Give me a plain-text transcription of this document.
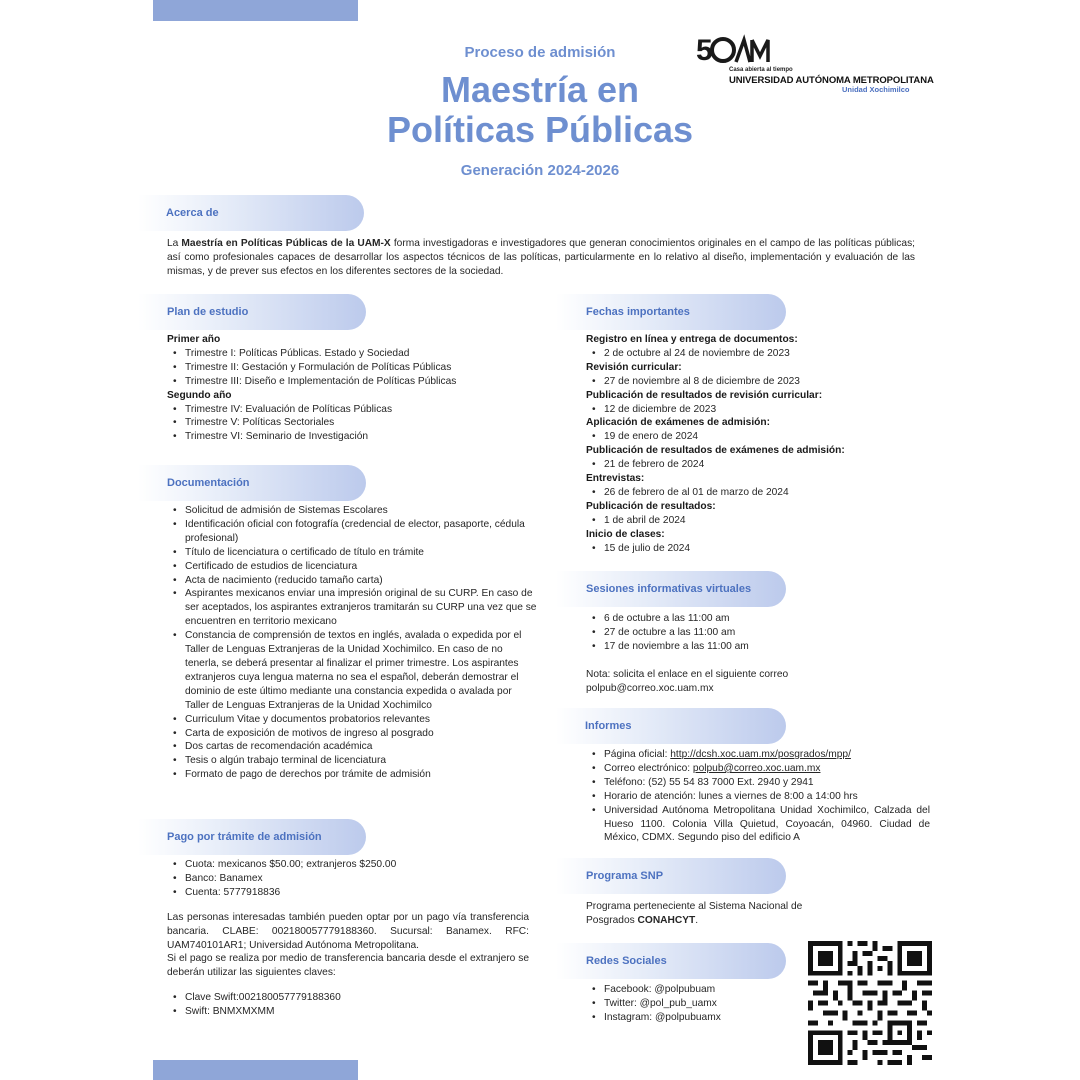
Proceso de admisión
Maestría en
Políticas Públicas
Generación 2024-2026
5
Casa abierta al tiempo
UNIVERSIDAD AUTÓNOMA METROPOLITANA
Unidad Xochimilco
Acerca de
La Maestría en Políticas Públicas de la UAM-X forma investigadoras e investigadores que generan conocimientos originales en el campo de las políticas públicas; así como profesionales capaces de desarrollar los aspectos técnicos de las políticas, particularmente en lo relativo al diseño, implementación y evaluación de las mismas, y de prever sus efectos en los diferentes sectores de la sociedad.
Plan de estudio
Primer año
• Trimestre I: Políticas Públicas. Estado y Sociedad
• Trimestre II: Gestación y Formulación de Políticas Públicas
• Trimestre III: Diseño e Implementación de Políticas Públicas
Segundo año
• Trimestre IV: Evaluación de Políticas Públicas
• Trimestre V: Políticas Sectoriales
• Trimestre VI: Seminario de Investigación
Documentación
• Solicitud de admisión de Sistemas Escolares
• Identificación oficial con fotografía (credencial de elector, pasaporte, cédula profesional)
• Título de licenciatura o certificado de título en trámite
• Certificado de estudios de licenciatura
• Acta de nacimiento (reducido tamaño carta)
• Aspirantes mexicanos enviar una impresión original de su CURP. En caso de ser aceptados, los aspirantes extranjeros tramitarán su CURP una vez que se encuentren en territorio mexicano
• Constancia de comprensión de textos en inglés, avalada o expedida por el Taller de Lenguas Extranjeras de la Unidad Xochimilco. En caso de no tenerla, se deberá presentar al finalizar el primer trimestre. Los aspirantes extranjeros cuya lengua materna no sea el español, deberán demostrar el dominio de este último mediante una constancia expedida o avalada por Taller de Lenguas Extranjeras de la Unidad Xochimilco
• Curriculum Vitae y documentos probatorios relevantes
• Carta de exposición de motivos de ingreso al posgrado
• Dos cartas de recomendación académica
• Tesis o algún trabajo terminal de licenciatura
• Formato de pago de derechos por trámite de admisión
Pago por trámite de admisión
• Cuota: mexicanos $50.00; extranjeros $250.00
• Banco: Banamex
• Cuenta: 5777918836
Las personas interesadas también pueden optar por un pago vía transferencia bancaria. CLABE: 002180057779188360. Sucursal: Banamex. RFC: UAM740101AR1; Universidad Autónoma Metropolitana.
Si el pago se realiza por medio de transferencia bancaria desde el extranjero se deberán utilizar las siguientes claves:
• Clave Swift:002180057779188360
• Swift: BNMXMXMM
Fechas importantes
Registro en línea y entrega de documentos:
• 2 de octubre al 24 de noviembre de 2023
Revisión curricular:
• 27 de noviembre al 8 de diciembre de 2023
Publicación de resultados de revisión curricular:
• 12 de diciembre de 2023
Aplicación de exámenes de admisión:
• 19 de enero de 2024
Publicación de resultados de exámenes de admisión:
• 21 de febrero de 2024
Entrevistas:
• 26 de febrero de al 01 de marzo de 2024
Publicación de resultados:
• 1 de abril de 2024
Inicio de clases:
• 15 de julio de 2024
Sesiones informativas virtuales
• 6 de octubre a las 11:00 am
• 27 de octubre a las 11:00 am
• 17 de noviembre a las 11:00 am
Nota: solicita el enlace en el siguiente correo
polpub@correo.xoc.uam.mx
Informes
• Página oficial: http://dcsh.xoc.uam.mx/posgrados/mpp/
• Correo electrónico: polpub@correo.xoc.uam.mx
• Teléfono: (52) 55 54 83 7000 Ext. 2940 y 2941
• Horario de atención: lunes a viernes de 8:00 a 14:00 hrs
• Universidad Autónoma Metropolitana Unidad Xochimilco, Calzada del Hueso 1100. Colonia Villa Quietud, Coyoacán, 04960. Ciudad de México, CDMX. Segundo piso del edificio A
Programa SNP
Programa perteneciente al Sistema Nacional de Posgrados CONAHCYT.
Redes Sociales
• Facebook: @polpubuam
• Twitter: @pol_pub_uamx
• Instagram: @polpubuamx
